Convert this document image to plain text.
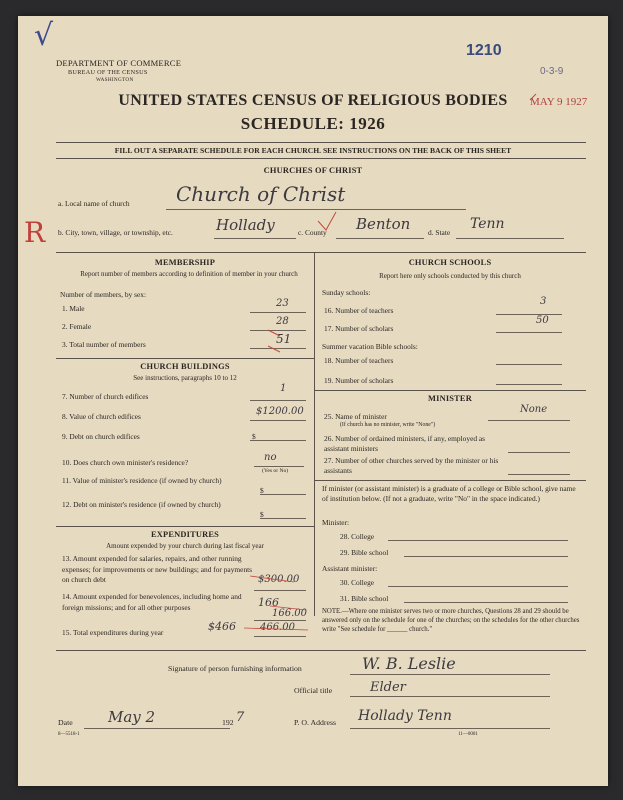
√
R
DEPARTMENT OF COMMERCE
BUREAU OF THE CENSUS
WASHINGTON
1210
0-3-9
MAY 9 1927
UNITED STATES CENSUS OF RELIGIOUS BODIES
SCHEDULE: 1926
FILL OUT A SEPARATE SCHEDULE FOR EACH CHURCH. SEE INSTRUCTIONS ON THE BACK OF THIS SHEET
CHURCHES OF CHRIST
a. Local name of church Church of Christ
b. City, town, village, or township, etc.	Hollady	c. County Benton d. State
Tenn
MEMBERSHIP
Report number of members according to definition of member in your church
Number of members, by sex:
1. Male	23
2. Female	28
3. Total number of members	51
CHURCH BUILDINGS
See instructions, paragraphs 10 to 12
7. Number of church edifices
1
8. Value of church edifices	$1200.00
9. Debt on church edifices	$
10. Does church own minister's residence?	no
(Yes or No)
11. Value of minister's residence (if owned by church)
$
12. Debt on minister's residence (if owned by church)
$
EXPENDITURES
Amount expended by your church during last fiscal year
13. Amount expended for salaries, repairs, and other running expenses; for improvements or new buildings; and for payments on church debt	$300.00
14. Amount expended for benevolences, including home and foreign missions; and for all other purposes	166
166.00
15. Total expenditures during year	$466 466.00
CHURCH SCHOOLS
Report here only schools conducted by this church
Sunday schools:
16. Number of teachers
3
17. Number of scholars
50
Summer vacation Bible schools:
18. Number of teachers
19. Number of scholars
MINISTER
25. Name of minister
None
(If church has no minister, write "None")
26. Number of ordained ministers, if any, employed as assistant ministers
27. Number of other churches served by the minister or his assistants
If minister (or assistant minister) is a graduate of a college or Bible school, give name of institution below. (If not a graduate, write "No" in the space indicated.)
Minister:
28. College
29. Bible school
Assistant minister:
30. College
31. Bible school
NOTE.—Where one minister serves two or more churches, Questions 28 and 29 should be answered only on the schedule for one of the churches; on the schedules for the other churches write "See schedule for ______ church."
Signature of person furnishing information	W. B. Leslie
Official title	Elder
Date May 2	192 7	P. O. Address Hollady Tenn
8—5518-1	11—0001
